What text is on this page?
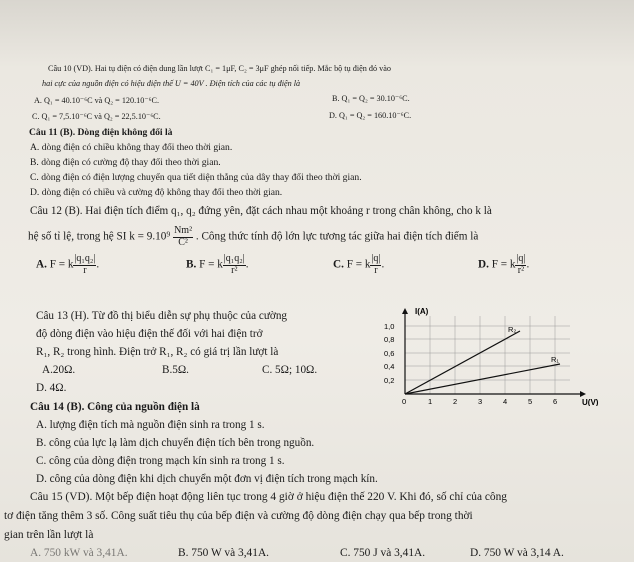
Câu 10 (VD). Hai tụ điện có điện dung lần lượt C₁ = 1μF, C₂ = 3μF ghép nối tiếp. Mắc bộ tụ điện đó vào
hai cực của nguồn điện có hiệu điện thế U = 40V . Điện tích của các tụ điện là
A. Q₁ = 40.10⁻⁶C và Q₂ = 120.10⁻⁶C.	B. Q₁ = Q₂ = 30.10⁻⁶C.
C. Q₁ = 7,5.10⁻⁶C và Q₂ = 22,5.10⁻⁶C.	D. Q₁ = Q₂ = 160.10⁻⁶C.
Câu 11 (B). Dòng điện không đổi là
A. dòng điện có chiều không thay đổi theo thời gian.
B. dòng điện có cường độ thay đổi theo thời gian.
C. dòng điện có điện lượng chuyển qua tiết diện thẳng của dây thay đổi theo thời gian.
D. dòng điện có chiều và cường độ không thay đổi theo thời gian.
Câu 12 (B). Hai điện tích điểm q₁, q₂ đứng yên, đặt cách nhau một khoảng r trong chân không, cho k là
hệ số tỉ lệ, trong hệ SI $k = 9.10^9 \frac{\text{Nm²}}{\text{C²}}$ . Công thức tính độ lớn lực tương tác giữa hai điện tích điểm là
A. F = k $\frac{\text{|q₁q₂|}}{r}$ .	B. F = k $\frac{\text{|q₁q₂|}}{\text{r²}}$ .	C. F = k $\frac{|q|}{r}$ .	D. F = k $\frac{|q|}{\text{r²}}$ .
Câu 13 (H). Từ đồ thị biểu diễn sự phụ thuộc của cường
độ dòng điện vào hiệu điện thế đối với hai điện trở
R₁, R₂ trong hình. Điện trở R₁, R₂ có giá trị lần lượt là
A.20Ω.	B.5Ω.	C. 5Ω; 10Ω.
D. 4Ω.
I(A)
U(V)
0,2
0,4
0,6
0,8
1,0
0	1	2	3	4	5	6
R₂
R₁
Câu 14 (B). Công của nguồn điện là
A. lượng điện tích mà nguồn điện sinh ra trong 1 s.
B. công của lực lạ làm dịch chuyển điện tích bên trong nguồn.
C. công của dòng điện trong mạch kín sinh ra trong 1 s.
D. công của dòng điện khi dịch chuyển một đơn vị điện tích trong mạch kín.
Câu 15 (VD). Một bếp điện hoạt động liên tục trong 4 giờ ở hiệu điện thế 220 V. Khi đó, số chỉ của công
tơ điện tăng thêm 3 số. Công suất tiêu thụ của bếp điện và cường độ dòng điện chạy qua bếp trong thời
gian trên lần lượt là
A. 750 kW và 3,41A.	B. 750 W và 3,41A.	C. 750 J và 3,41A.	D. 750 W và 3,14 A.
